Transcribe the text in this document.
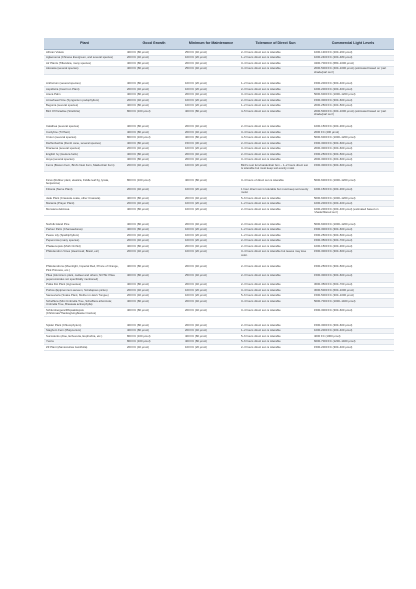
Plant	Good Growth	Minimum for Maintenance	Tolerance of Direct Sun	Commercial Light Levels
African Violets	400 FC (80 µmol)	250 FC (40 µmol)	2–3 hours direct sun is tolerable	1000-1300 FC (200–260 µmol)
Aglaonema (Chinese Evergreen, and several species)	200 FC (40 µmol)	100 FC (20 µmol)	1–2 hours direct sun is tolerable	1000-2400 FC (200–480 µmol)
Air Plants (Tillandsia, many species)	400 FC (80 µmol)	200 FC (40 µmol)	3–4 hours direct sun is tolerable	3400-7000 FC (680–1000 µmol)
Alocasia (several species)	400 FC (80 µmol)	250 FC (40 µmol)	3–4 hours direct sun is tolerable	2000-5000 FC (400–1000 µmol) (estimated based on 'part shade/part sun')

Anthurium (several species)	400 FC (80 µmol)	100 FC (20 µmol)	1–2 hours direct sun is tolerable	1500-2000 FC (300–400 µmol)
Aspidistra (Cast Iron Plant)	200 FC (40 µmol)	100 FC (20 µmol)	2–3 hours direct sun is tolerable	1000-2000 FC (200–400 µmol)
Areca Palm	400 FC (80 µmol)	200 FC (40 µmol)	3–4 hours direct sun is tolerable	5000-6000 FC (1000–1200 µmol)
Arrowhead Vine (Syngonium podophyllum)	200 FC (40 µmol)	100 FC (20 µmol)	2–3 hours direct sun is tolerable	1500-3000 FC (300–600 µmol)
Begonia (several species)	400 FC (80 µmol)	100 FC (20 µmol)	1–2 hours direct sun is tolerable	2000-2500 FC (400–500 µmol)
Bird Of Paradise (Strelitzia)	800 FC (160 µmol)	400 FC (80 µmol)	4–5 hours direct sun is tolerable	2000-5000 FC (400–1000 µmol) (estimated based on 'part shade/part sun')

Calathea (several species)	400 FC (80 µmol)	200 FC (40 µmol)	2–3 hours direct sun is tolerable	1000-1500 FC (200–300 µmol)
Cordyline (Ti Plant)	400 FC (80 µmol)	200 FC (40 µmol)	3–4 hours direct sun is tolerable	2000 FC (400 µmol)
Croton (several species)	800 FC (160 µmol)	400 FC (80 µmol)	4–5 hours direct sun is tolerable	5000-6000 FC (1000–1200 µmol)
Dieffenbachia (Dumb cane, several species)	400 FC (80 µmol)	150 FC (30 µmol)	2–3 hours direct sun is tolerable	1500-3000 FC (300–600 µmol)
Dracaena (several species)	200 FC (40 µmol)	100 FC (20 µmol)	3–4 hours direct sun is tolerable	2000-3000 FC (400–600 µmol)
English Ivy (Hedera helix)	400 FC (80 µmol)	200 FC (40 µmol)	2–3 hours direct sun is tolerable	1500-2500 FC (300–500 µmol)
Hoya (several species)	400 FC (80 µmol)	200 FC (40 µmol)	3–4 hours direct sun is tolerable	2000-3000 FC (400–600 µmol)
Ferns (Boston Fern, Bird's Nest Fern, Maidenhair Fern)	200 FC (40 µmol)	100 FC (20 µmol)	Bird's nest fern/maidenhair fern – 1–2 hours direct sun is tolerable but must keep soil evenly moist	1500-3000 FC (300–600 µmol)

Ficus (Rubber plant, elastica, Fiddle leaf fig, lyrata, benjamina)	800 FC (160 µmol)	400 FC (80 µmol)	3–4 hours of direct sun is tolerable	5000-6000 FC (1000–1200 µmol)
Fittonia (Nerve Plant)	200 FC (40 µmol)	100 FC (20 µmol)	1 hour direct sun is tolerable but must keep soil evenly moist	1000-1500 FC (200–300 µmol)
Jade Plant (Crassula ovata, other Crassula)	400 FC (80 µmol)	200 FC (40 µmol)	5–6 hours direct sun is tolerable	5000-6000 FC (1000–1200 µmol)
Maranta (Prayer Plant)	200 FC (40 µmol)	100 FC (20 µmol)	1–2 hours direct sun is tolerable	1000-2000 FC (200–400 µmol)
Monstera deliciosa	400 FC (80 µmol)	100 FC (20 µmol)	2–3 hours direct sun is tolerable	1000-2000 FC (200–400 µmol) (estimated based on 'shade/filtered sun')

Norfolk Island Pine	400 FC (80 µmol)	200 FC (40 µmol)	2–3 hours direct sun is tolerable	5000-6000 FC (1000–1200 µmol)
Parlour Palm (Chamaedorea)	400 FC (80 µmol)	100 FC (20 µmol)	1–2 hours direct sun is tolerable	1500-3000 FC (300–600 µmol)
Peace Lily (Spathiphyllum)	200 FC (40 µmol)	100 FC (20 µmol)	1–2 hours direct sun is tolerable	1500-2500 FC (300–500 µmol)
Peperomia (many species)	200 FC (40 µmol)	100 FC (20 µmol)	2–3 hours direct sun is tolerable	1500-3500 FC (300–700 µmol)
Phalaenopsis (Moth Orchid)	400 FC (80 µmol)	200 FC (40 µmol)	2–3 hours direct sun is tolerable	1000-1500 FC (200–300 µmol)
Philodendron Vines (Heart-leaf, Brasil, etc)	200 FC (40 µmol)	100 FC (20 µmol)	3–4 hours direct sun is tolerable but leaves may lose color.	1500-3000 FC (300–600 µmol)

Philodendrons (Moonlight, Imperial Red, Prince of Orange, Pink Princess, etc.)	400 FC (80 µmol)	200 FC (40 µmol)	2–3 hours direct sun is tolerable	1500-2500 FC (300–500 µmol)
Pilea (Aluminum plant, cadieei and others; NOTE: Pilea peperomioides not specifically mentioned)	400 FC (80 µmol)	250 FC (40 µmol)	2–3 hours direct sun is tolerable	1500-3000 FC (300–600 µmol)
Polka Dot Plant (Hypoestes)	400 FC (80 µmol)	200 FC (40 µmol)	2–3 hours direct sun is tolerable	3000-3500 FC (600–700 µmol)
Pothos (Epipremnum aureum, Scindapsus pictus)	200 FC (40 µmol)	100 FC (20 µmol)	3–4 hours direct sun is tolerable	3000-5000 FC (600–1000 µmol)
Sansevieria (Snake Plant, Mother-in-law's Tongue)	200 FC (40 µmol)	100 FC (20 µmol)	5–6 hours direct sun is tolerable	1500-5000 FC (300–1000 µmol)
Schefflera (Mini Umbrella Tree, Schefflera arboricola; Umbrella Tree, Brassaia actinophylla)	400 FC (80 µmol)	200 FC (40 µmol)	3–4 hours direct sun is tolerable	5000-7000 FC (1000–1400 µmol)
Schlumbergera/Rhipsalidopsis (Christmas/Thanksgiving/Easter Cactus)	400 FC (80 µmol)	200 FC (40 µmol)	3–4 hours direct sun is tolerable	1500-3000 FC (300–600 µmol)

Spider Plant (Chlorophytum)	400 FC (80 µmol)	200 FC (40 µmol)	2–3 hours direct sun is tolerable	1500-3000 FC (300–600 µmol)
Staghorn Fern (Platycerium)	400 FC (80 µmol)	200 FC (40 µmol)	1–2 hours direct sun is tolerable	1000-2000 FC (200–400 µmol)
Succulents (Aloe, Echeveria, Euphorbia, etc.)	800 FC (160 µmol)	400 FC (80 µmol)	5–6 hours direct sun is tolerable	4000 FC (1000 µmol)
Yucca	800 FC (160 µmol)	400 FC (80 µmol)	5–6 hours direct sun is tolerable	6000-7000 FC (1200–1400 µmol)
ZZ Plant (Zamioculcas zamiifolia)	200 FC (40 µmol)	100 FC (20 µmol)	2–3 hours direct sun is tolerable	1500-2000 FC (300–400 µmol)
